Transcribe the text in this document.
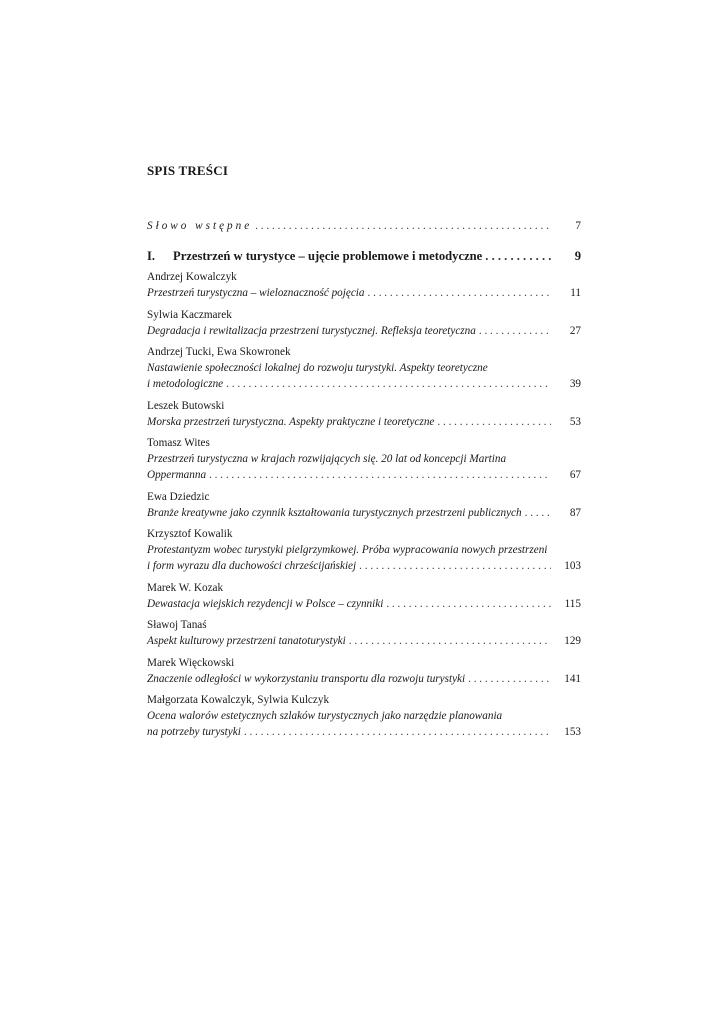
SPIS TREŚCI
Słowo wstępne . . .	7
I. Przestrzeń w turystyce – ujęcie problemowe i metodyczne . . .	9
Andrzej Kowalczyk
Przestrzeń turystyczna – wieloznaczność pojęcia . . .	11
Sylwia Kaczmarek
Degradacja i rewitalizacja przestrzeni turystycznej. Refleksja teoretyczna . . .	27
Andrzej Tucki, Ewa Skowronek
Nastawienie społeczności lokalnej do rozwoju turystyki. Aspekty teoretyczne
i metodologiczne . . .	39
Leszek Butowski
Morska przestrzeń turystyczna. Aspekty praktyczne i teoretyczne . . .	53
Tomasz Wites
Przestrzeń turystyczna w krajach rozwijających się. 20 lat od koncepcji Martina
Oppermanna . . .	67
Ewa Dziedzic
Branże kreatywne jako czynnik kształtowania turystycznych przestrzeni publicznych . . .	87
Krzysztof Kowalik
Protestantyzm wobec turystyki pielgrzymkowej. Próba wypracowania nowych przestrzeni
i form wyrazu dla duchowości chrześcijańskiej . . .	103
Marek W. Kozak
Dewastacja wiejskich rezydencji w Polsce – czynniki . . .	115
Sławoj Tanaś
Aspekt kulturowy przestrzeni tanatoturystyki . . .	129
Marek Więckowski
Znaczenie odległości w wykorzystaniu transportu dla rozwoju turystyki . . .	141
Małgorzata Kowalczyk, Sylwia Kulczyk
Ocena walorów estetycznych szlaków turystycznych jako narzędzie planowania
na potrzeby turystyki . . .	153
